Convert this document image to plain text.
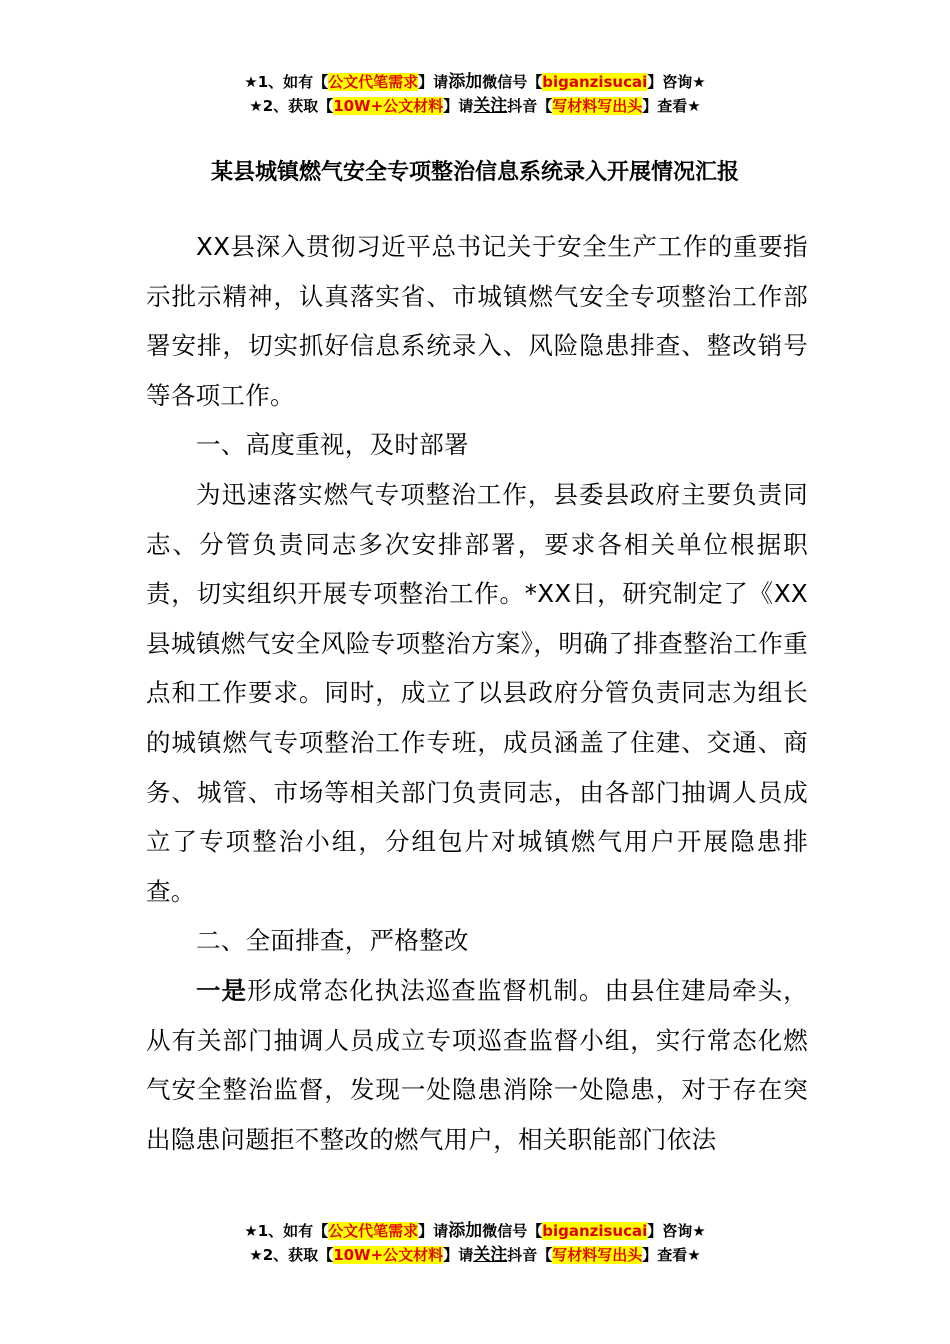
★1、如有【公文代笔需求】请添加微信号【biganzisucai】咨询★
★2、获取【10W+公文材料】请关注抖音【写材料写出头】查看★
某县城镇燃气安全专项整治信息系统录入开展情况汇报

XX县深入贯彻习近平总书记关于安全生产工作的重要指示批示精神，认真落实省、市城镇燃气安全专项整治工作部署安排，切实抓好信息系统录入、风险隐患排查、整改销号等各项工作。

一、高度重视，及时部署

为迅速落实燃气专项整治工作，县委县政府主要负责同志、分管负责同志多次安排部署，要求各相关单位根据职责，切实组织开展专项整治工作。*XX日，研究制定了《XX县城镇燃气安全风险专项整治方案》，明确了排查整治工作重点和工作要求。同时，成立了以县政府分管负责同志为组长的城镇燃气专项整治工作专班，成员涵盖了住建、交通、商务、城管、市场等相关部门负责同志，由各部门抽调人员成立了专项整治小组，分组包片对城镇燃气用户开展隐患排查。

二、全面排查，严格整改

一是形成常态化执法巡查监督机制。由县住建局牵头，从有关部门抽调人员成立专项巡查监督小组，实行常态化燃气安全整治监督，发现一处隐患消除一处隐患，对于存在突出隐患问题拒不整改的燃气用户，相关职能部门依法

★1、如有【公文代笔需求】请添加微信号【biganzisucai】咨询★
★2、获取【10W+公文材料】请关注抖音【写材料写出头】查看★
